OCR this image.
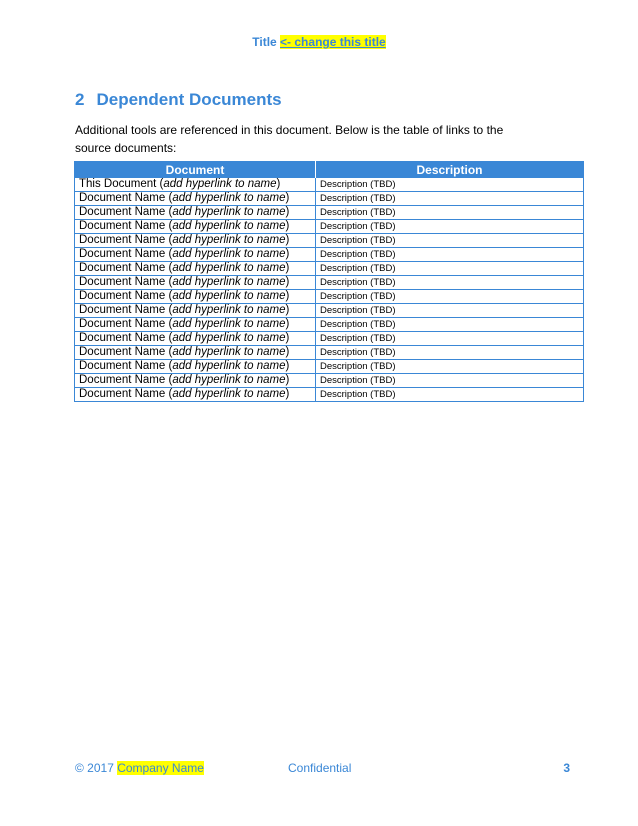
Title <- change this title
2 Dependent Documents
Additional tools are referenced in this document. Below is the table of links to the source documents:
Document	Description
This Document (add hyperlink to name)	Description (TBD)
Document Name (add hyperlink to name)	Description (TBD)
Document Name (add hyperlink to name)	Description (TBD)
Document Name (add hyperlink to name)	Description (TBD)
Document Name (add hyperlink to name)	Description (TBD)
Document Name (add hyperlink to name)	Description (TBD)
Document Name (add hyperlink to name)	Description (TBD)
Document Name (add hyperlink to name)	Description (TBD)
Document Name (add hyperlink to name)	Description (TBD)
Document Name (add hyperlink to name)	Description (TBD)
Document Name (add hyperlink to name)	Description (TBD)
Document Name (add hyperlink to name)	Description (TBD)
Document Name (add hyperlink to name)	Description (TBD)
Document Name (add hyperlink to name)	Description (TBD)
Document Name (add hyperlink to name)	Description (TBD)
Document Name (add hyperlink to name)	Description (TBD)
© 2017 Company Name	Confidential	3
